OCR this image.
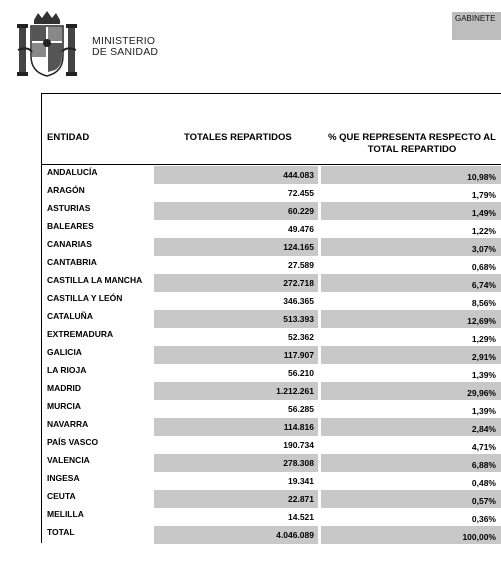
MINISTERIO
DE SANIDAD
GABINETE
ENTIDAD	TOTALES REPARTIDOS	% QUE REPRESENTA RESPECTO AL
TOTAL REPARTIDO
ANDALUCÍA	444.083	10,98%
ARAGÓN	72.455	1,79%
ASTURIAS	60.229	1,49%
BALEARES	49.476	1,22%
CANARIAS	124.165	3,07%
CANTABRIA	27.589	0,68%
CASTILLA LA MANCHA	272.718	6,74%
CASTILLA Y LEÓN	346.365	8,56%
CATALUÑA	513.393	12,69%
EXTREMADURA	52.362	1,29%
GALICIA	117.907	2,91%
LA RIOJA	56.210	1,39%
MADRID	1.212.261	29,96%
MURCIA	56.285	1,39%
NAVARRA	114.816	2,84%
PAÍS VASCO	190.734	4,71%
VALENCIA	278.308	6,88%
INGESA	19.341	0,48%
CEUTA	22.871	0,57%
MELILLA	14.521	0,36%
TOTAL	4.046.089	100,00%
